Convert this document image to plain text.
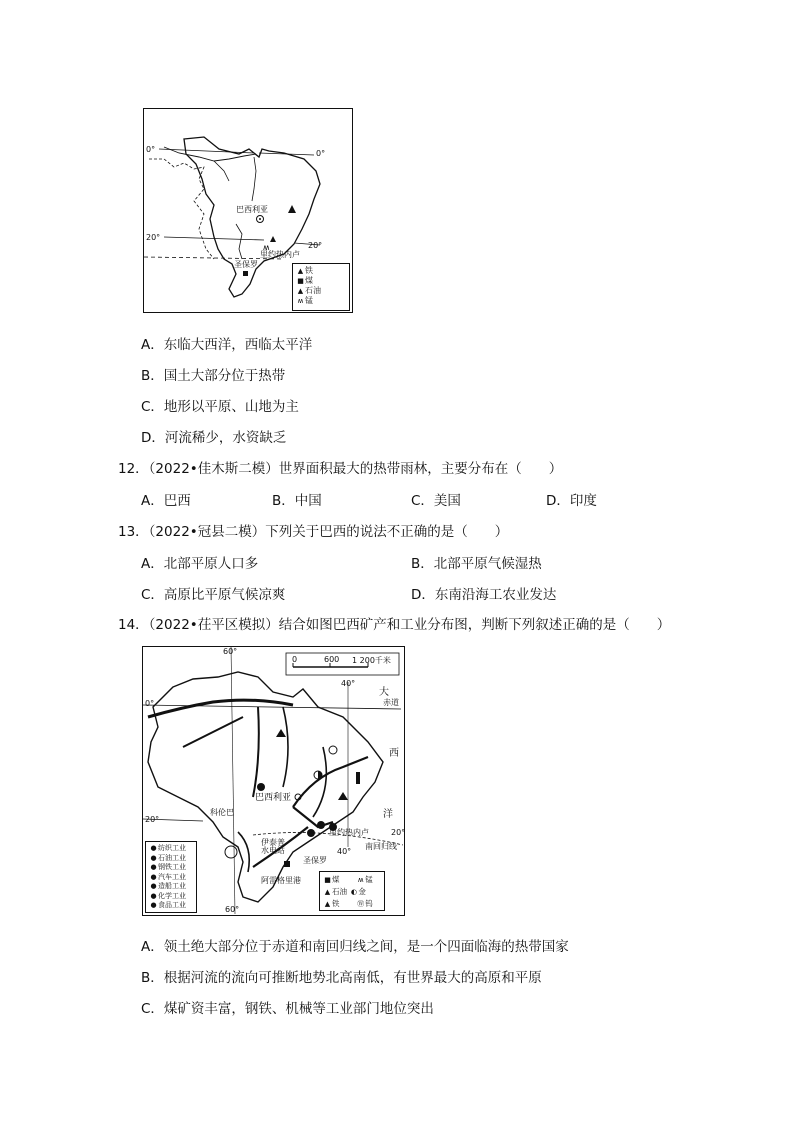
ʍ
0°	0°
20°
20°
巴西利亚
里约热内卢
圣保罗
▲ 铁
■煤
▲ 石油
ʍ 锰
A．东临大西洋，西临太平洋
B．国土大部分位于热带
C．地形以平原、山地为主
D．河流稀少，水资缺乏
12．（2022•佳木斯二模）世界面积最大的热带雨林，主要分布在（　　）
A．巴西	B．中国	C．美国	D．印度
13．（2022•冠县二模）下列关于巴西的说法不正确的是（　　）
A．北部平原人口多	B．北部平原气候湿热
C．高原比平原气候凉爽	D．东南沿海工农业发达
14．（2022•茌平区模拟）结合如图巴西矿产和工业分布图，判断下列叙述正确的是（　　）
0	600 1 200千米
60°
40°
0°	赤道
大
西
洋
巴西利亚
科伦巴
20°
20°
里约热内卢
南回归线
40°
伊泰普水电站
圣保罗
阿雷格里港
60°
●纺织工业
●石油工业
●钢铁工业
●汽车工业
●造船工业
●化学工业
●食品工业
■煤	ʍ 锰
▲ 石油 ◐金
▲ 铁	Ⓦ钨
A．领土绝大部分位于赤道和南回归线之间，是一个四面临海的热带国家
B．根据河流的流向可推断地势北高南低，有世界最大的高原和平原
C．煤矿资丰富，钢铁、机械等工业部门地位突出
